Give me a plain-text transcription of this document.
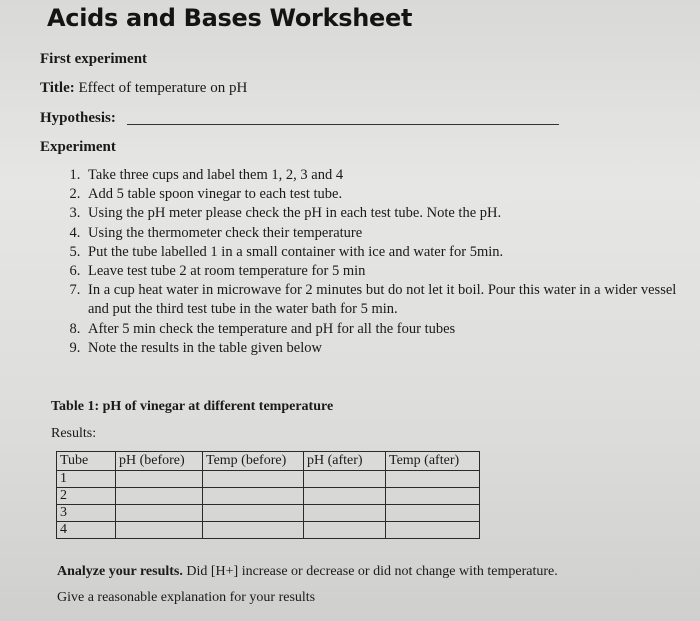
Acids and Bases Worksheet
First experiment
Title: Effect of temperature on pH
Hypothesis:
Experiment
1. Take three cups and label them 1, 2, 3 and 4
2. Add 5 table spoon vinegar to each test tube.
3. Using the pH meter please check the pH in each test tube. Note the pH.
4. Using the thermometer check their temperature
5. Put the tube labelled 1 in a small container with ice and water for 5min.
6. Leave test tube 2 at room temperature for 5 min
7. In a cup heat water in microwave for 2 minutes but do not let it boil. Pour this water in a wider vessel and put the third test tube in the water bath for 5 min.
8. After 5 min check the temperature and pH for all the four tubes
9. Note the results in the table given below
Table 1: pH of vinegar at different temperature
Results:
Tube	pH (before)	Temp (before)	pH (after)	Temp (after)
1				
2				
3				
4				
Analyze your results. Did [H+] increase or decrease or did not change with temperature.
Give a reasonable explanation for your results
